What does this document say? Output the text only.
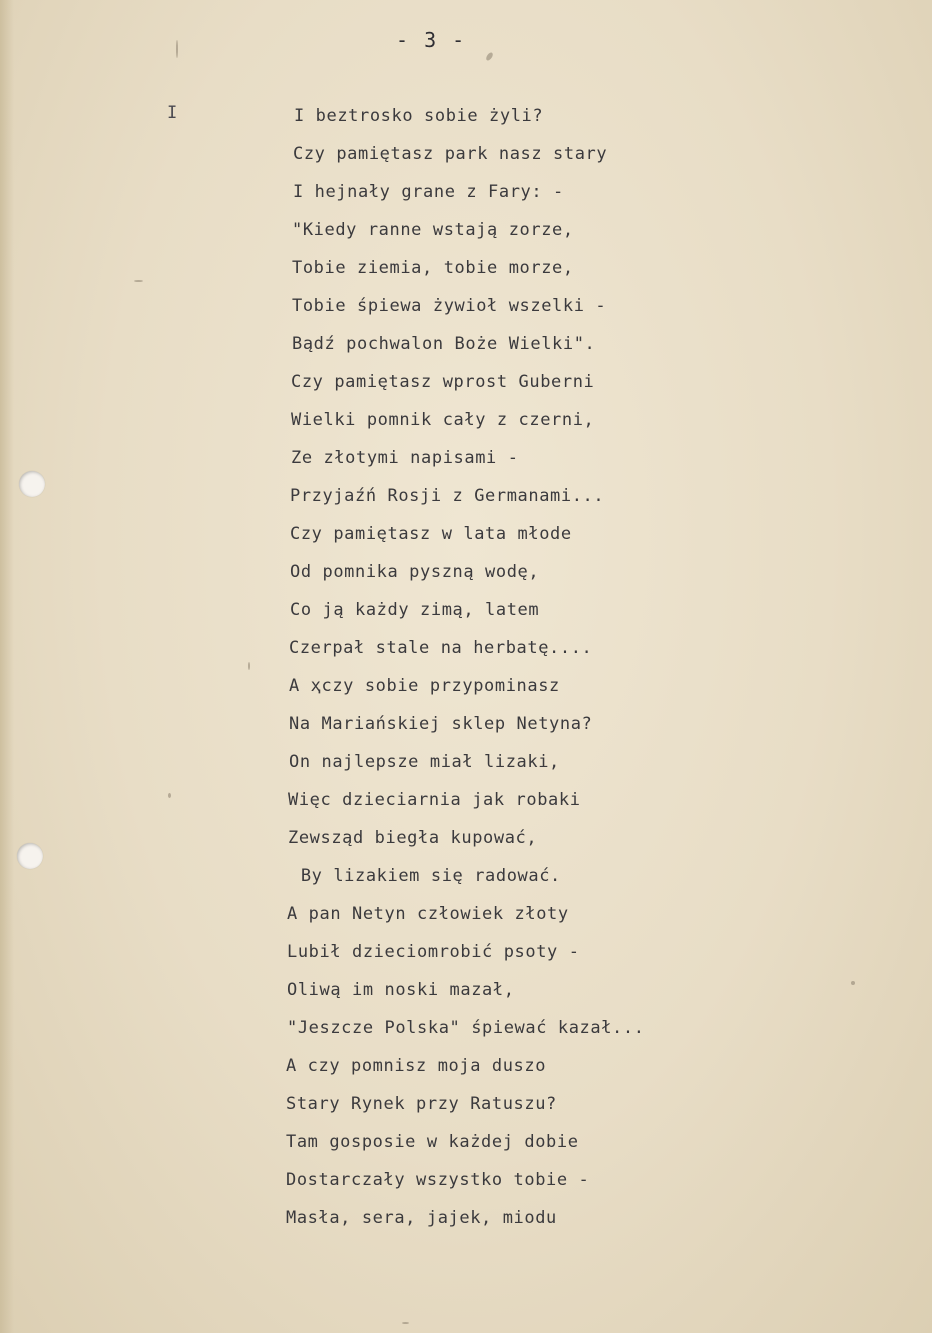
- 3 -
I	I beztrosko sobie żyli?
Czy pamiętasz park nasz stary
I hejnały grane z Fary: -
"Kiedy ranne wstają zorze,
Tobie ziemia, tobie morze,
Tobie śpiewa żywioł wszelki -
Bądź pochwalon Boże Wielki".
Czy pamiętasz wprost Guberni
Wielki pomnik cały z czerni,
Ze złotymi napisami -
Przyjaźń Rosji z Germanami...
Czy pamiętasz w lata młode
Od pomnika pyszną wodę,
Co ją każdy zimą, latem
Czerpał stale na herbatę....
A ҳczy sobie przypominasz
Na Mariańskiej sklep Netyna?
On najlepsze miał lizaki,
Więc dzieciarnia jak robaki
Zewsząd biegła kupować,
By lizakiem się radować.
A pan Netyn człowiek złoty
Lubił dzieciomrobić psoty -
Oliwą im noski mazał,
"Jeszcze Polska" śpiewać kazał...
A czy pomnisz moja duszo
Stary Rynek przy Ratuszu?
Tam gosposie w każdej dobie
Dostarczały wszystko tobie -
Masła, sera, jajek, miodu
